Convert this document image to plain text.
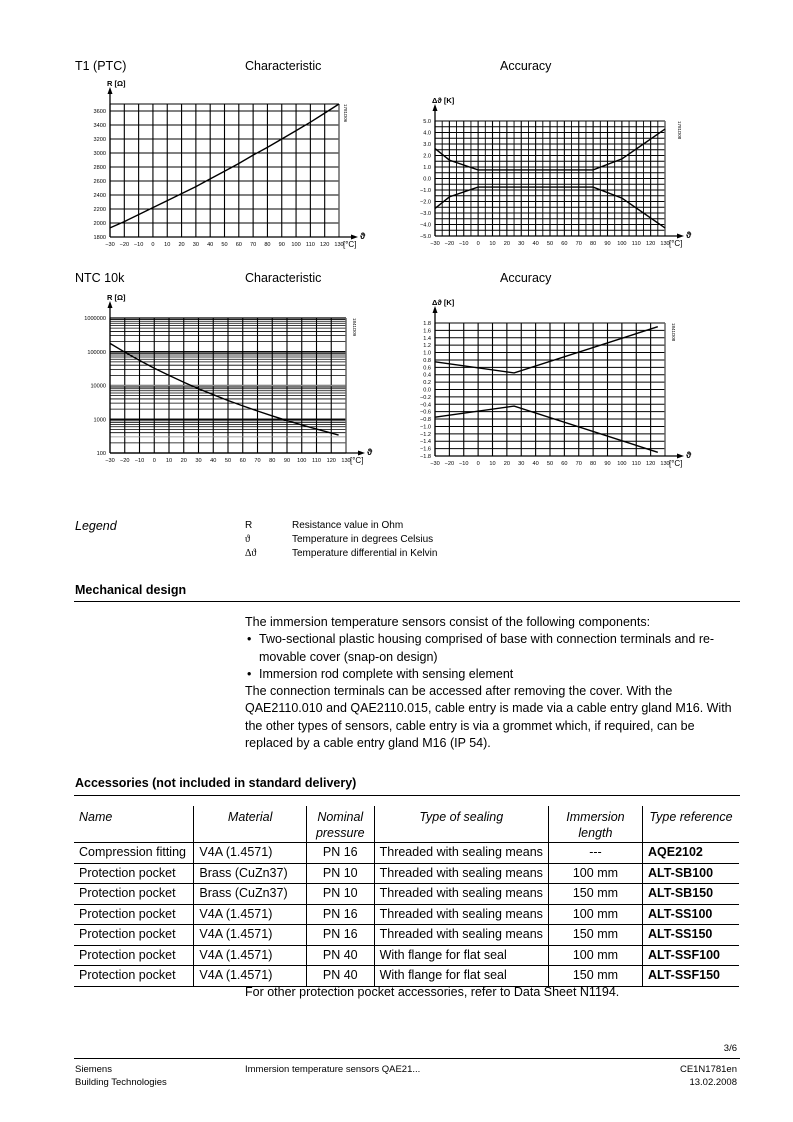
T1 (PTC)	Characteristic	Accuracy
NTC 10k	Characteristic	Accuracy
R [Ω]
ϑ
[°C]
−30 −20 −10 0 10 20 30 40 50 60 70 80 90 100 110 120 130
1800
2000
2200
2400
2600
2800
3000
3200
3400
3600	1781D06
Δϑ [K]
ϑ
[°C]
−30 −20 −10 0 10 20 30 40 50 60 70 80 90 100 110 120 130
5.0
4.0
3.0
2.0
1.0
0.0
−1.0
−2.0
−3.0
−4.0
−5.0
1781D08
R [Ω]
ϑ
[°C]
−30 −20 −10 0 10 20 30 40 50 60 70 80 90 100 110 120 130
100
1000
10000
100000
1000000	1841D09
Δϑ [K]
ϑ
[°C]
−30 −20 −10 0 10 20 30 40 50 60 70 80 90 100 110 120 130
1.8
1.6
1.4
1.2
1.0
0.8
0.6
0.4
0.2
0.0
−0.2
−0.4
−0.6
−0.8
−1.0
−1.2
−1.4
−1.6
−1.8
1841D08
Legend	R	Resistance value in Ohm
ϑ	Temperature in degrees Celsius
Δϑ	Temperature differential in Kelvin
Mechanical design
The immersion temperature sensors consist of the following components:
• Two-sectional plastic housing comprised of base with connection terminals and re-movable cover (snap-on design)
• Immersion rod complete with sensing element
The connection terminals can be accessed after removing the cover. With the QAE2110.010 and QAE2110.015, cable entry is made via a cable entry gland M16. With the other types of sensors, cable entry is via a grommet which, if required, can be replaced by a cable entry gland M16 (IP 54).
Accessories (not included in standard delivery)
Name	Material	Nominal pressure	Type of sealing	Immersion length	Type reference
Compression fitting	V4A (1.4571)	PN 16	Threaded with sealing means	---	AQE2102
Protection pocket	Brass (CuZn37)	PN 10	Threaded with sealing means	100 mm	ALT-SB100
Protection pocket	Brass (CuZn37)	PN 10	Threaded with sealing means	150 mm	ALT-SB150
Protection pocket	V4A (1.4571)	PN 16	Threaded with sealing means	100 mm	ALT-SS100
Protection pocket	V4A (1.4571)	PN 16	Threaded with sealing means	150 mm	ALT-SS150
Protection pocket	V4A (1.4571)	PN 40	With flange for flat seal	100 mm	ALT-SSF100
Protection pocket	V4A (1.4571)	PN 40	With flange for flat seal	150 mm	ALT-SSF150
For other protection pocket accessories, refer to Data Sheet N1194.
3/6
Siemens
Building Technologies
Immersion temperature sensors QAE21...	CE1N1781en
13.02.2008
